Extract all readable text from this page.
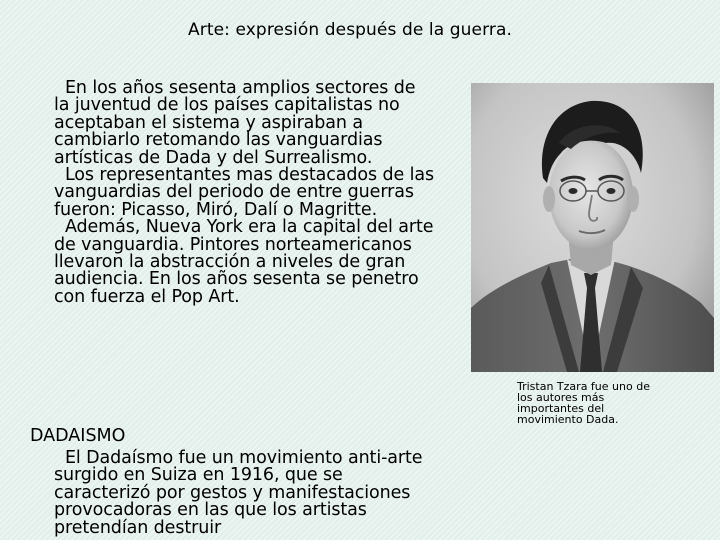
Arte: expresión después de la guerra.

En los años sesenta amplios sectores de la juventud de los países capitalistas no aceptaban el sistema y aspiraban a cambiarlo retomando las vanguardias artísticas de Dada y del Surrealismo.

Los representantes mas destacados de las vanguardias del periodo de entre guerras fueron: Picasso, Miró, Dalí o Magritte.

Además, Nueva York era la capital del arte de vanguardia. Pintores norteamericanos llevaron la abstracción a niveles de gran audiencia. En los años sesenta se penetro con fuerza el Pop Art.

DADAISMO

El Dadaísmo fue un movimiento anti-arte surgido en Suiza en 1916, que se caracterizó por gestos y manifestaciones provocadoras en las que los artistas pretendían destruir

Tristan Tzara fue uno de los autores más importantes del movimiento Dada.
